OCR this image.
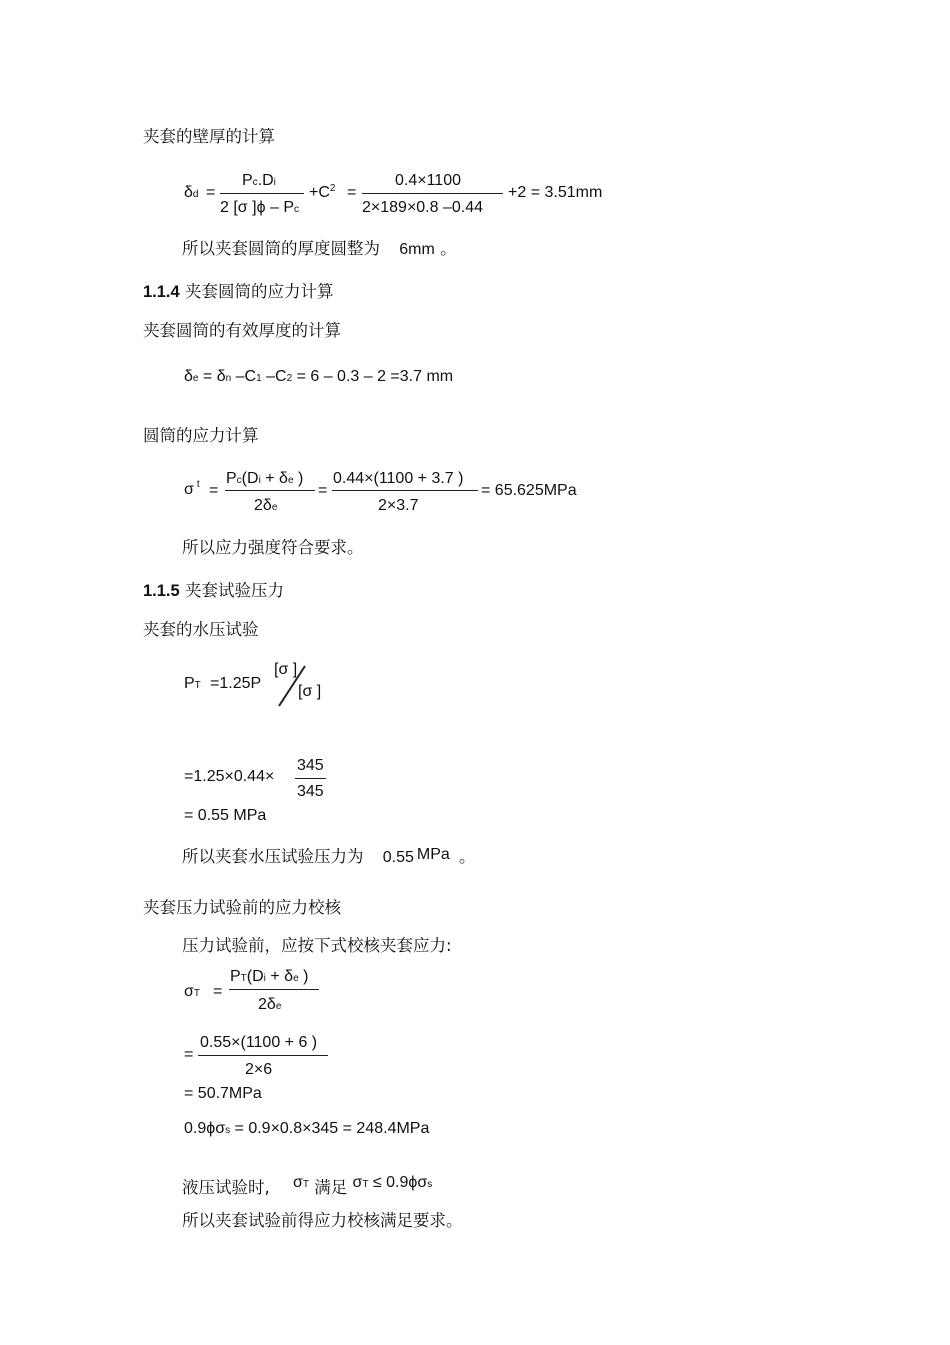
夹套的壁厚的计算
δd =
Pc.Di
2 [σ ]ϕ – Pc
$+C^2$ =
0.4×1100
2×189×0.8 –0.44
+2 = 3.51mm
所以夹套圆筒的厚度圆整为 6mm 。
1.1.4 夹套圆筒的应力计算
夹套圆筒的有效厚度的计算
δe = δn –C1 –C2 = 6 – 0.3 – 2 =3.7 mm
圆筒的应力计算
σ $^t$ =
Pc(Di + δe )
2δe
=
0.44×(1100 + 3.7 )
2×3.7
= 65.625MPa
所以应力强度符合要求。
1.1.5 夹套试验压力
夹套的水压试验
PT =1.25P
[σ ]
[σ ]
=1.25×0.44×
345
345
= 0.55 MPa
所以夹套水压试验压力为 0.55 MPa 。
夹套压力试验前的应力校核
压力试验前，应按下式校核夹套应力:
σT =
PT(Di + δe )
2δe
=
0.55×(1100 + 6 )
2×6
= 50.7MPa
0.9ϕσs = 0.9×0.8×345 = 248.4MPa
液压试验时, σT 满足 σT ≤ 0.9ϕσs
所以夹套试验前得应力校核满足要求。
